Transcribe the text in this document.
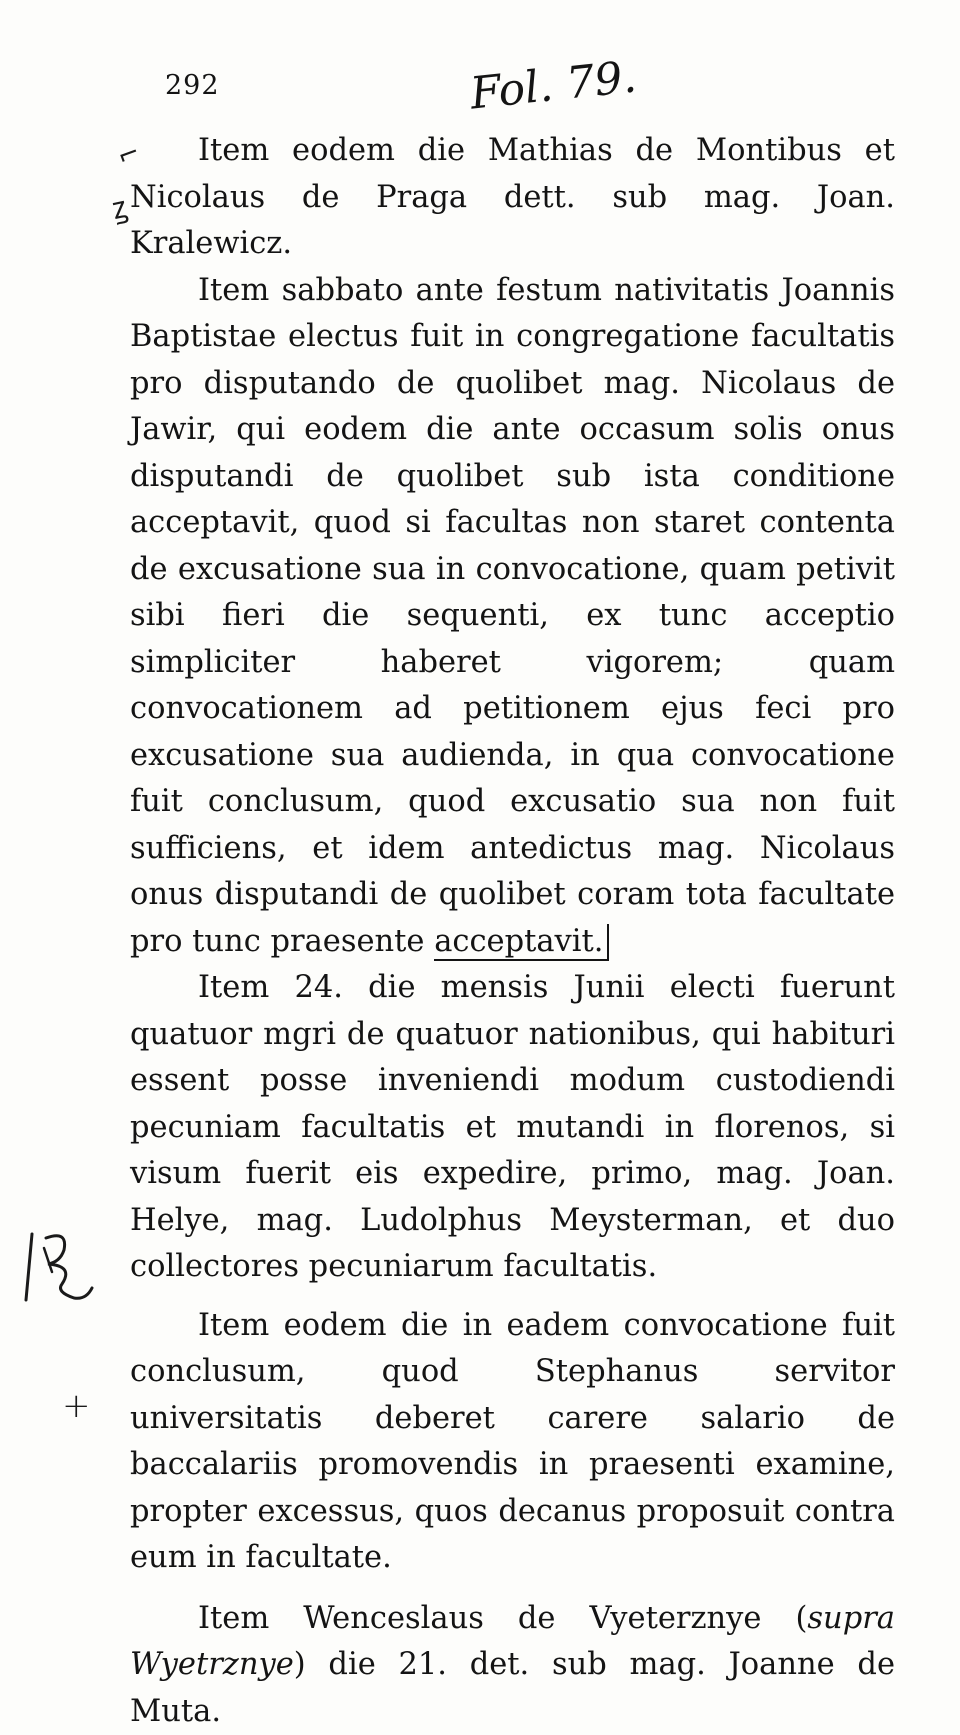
292	Fol. 79.
⌐
ꙁ
+

Item eodem die Mathias de Montibus et Nicolaus de Praga dett. sub mag. Joan. Kralewicz.

Item sabbato ante festum nativitatis Joannis Baptistae electus fuit in congregatione facultatis pro disputando de quolibet mag. Nicolaus de Jawir, qui eodem die ante occasum solis onus disputandi de quolibet sub ista conditione acceptavit, quod si facultas non staret contenta de excusatione sua in convocatione, quam petivit sibi fieri die sequenti, ex tunc acceptio simpliciter haberet vigorem; quam convocationem ad petitionem ejus feci pro excusatione sua audienda, in qua convocatione fuit conclusum, quod excusatio sua non fuit sufficiens, et idem antedictus mag. Nicolaus onus disputandi de quolibet coram tota facultate pro tunc praesente acceptavit.

Item 24. die mensis Junii electi fuerunt quatuor mgri de quatuor nationibus, qui habituri essent posse inveniendi modum custodiendi pecuniam facultatis et mutandi in florenos, si visum fuerit eis expedire, primo, mag. Joan. Helye, mag. Ludolphus Meysterman, et duo collectores pecuniarum facultatis.

Item eodem die in eadem convocatione fuit conclusum, quod Stephanus servitor universitatis deberet carere salario de baccalariis promovendis in praesenti examine, propter excessus, quos decanus proposuit contra eum in facultate.

Item Wenceslaus de Vyeterznye (supra Wyetrznye) die 21. det. sub mag. Joanne de Muta.
